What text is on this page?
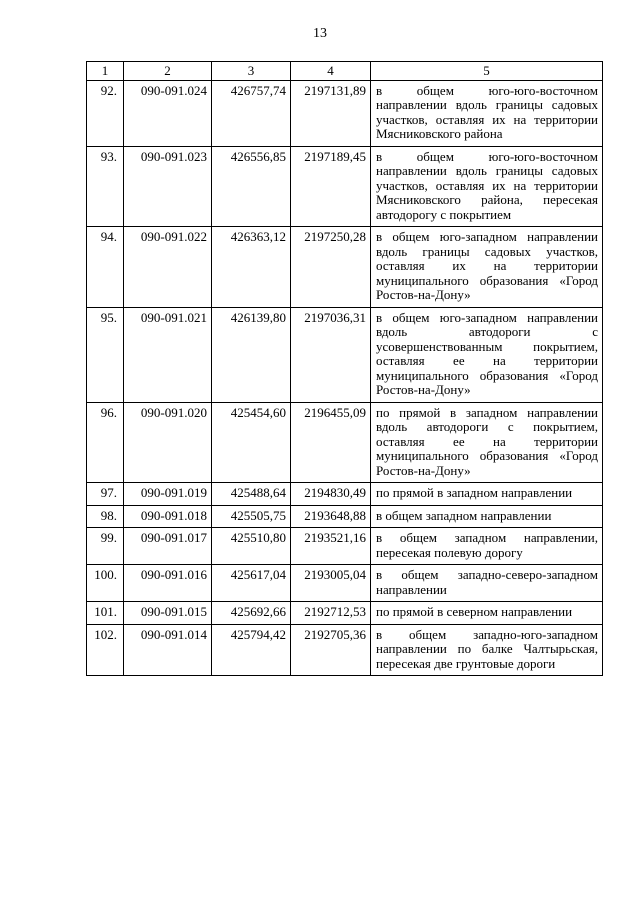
13
1	2	3	4	5
92.	090-091.024	426757,74	2197131,89	в общем юго-юго-восточном направлении вдоль границы садовых участков, оставляя их на территории Мясниковского района

93.	090-091.023	426556,85	2197189,45	в общем юго-юго-восточном направлении вдоль границы садовых участков, оставляя их на территории Мясниковского района, пересекая автодорогу с покрытием

94.	090-091.022	426363,12	2197250,28	в общем юго-западном направлении вдоль границы садовых участков, оставляя их на территории муниципального образования «Город Ростов-на-Дону»

95.	090-091.021	426139,80	2197036,31	в общем юго-западном направлении вдоль автодороги с усовершенствованным покрытием, оставляя ее на территории муниципального образования «Город Ростов-на-Дону»

96.	090-091.020	425454,60	2196455,09	по прямой в западном направлении вдоль автодороги с покрытием, оставляя ее на территории муниципального образования «Город Ростов-на-Дону»

97.	090-091.019	425488,64	2194830,49	по прямой в западном направлении

98.	090-091.018	425505,75	2193648,88	в общем западном направлении

99.	090-091.017	425510,80	2193521,16	в общем западном направлении, пересекая полевую дорогу

100.	090-091.016	425617,04	2193005,04	в общем западно-северо-западном направлении

101.	090-091.015	425692,66	2192712,53	по прямой в северном направлении

102.	090-091.014	425794,42	2192705,36	в общем западно-юго-западном направлении по балке Чалтырьская, пересекая две грунтовые дороги
